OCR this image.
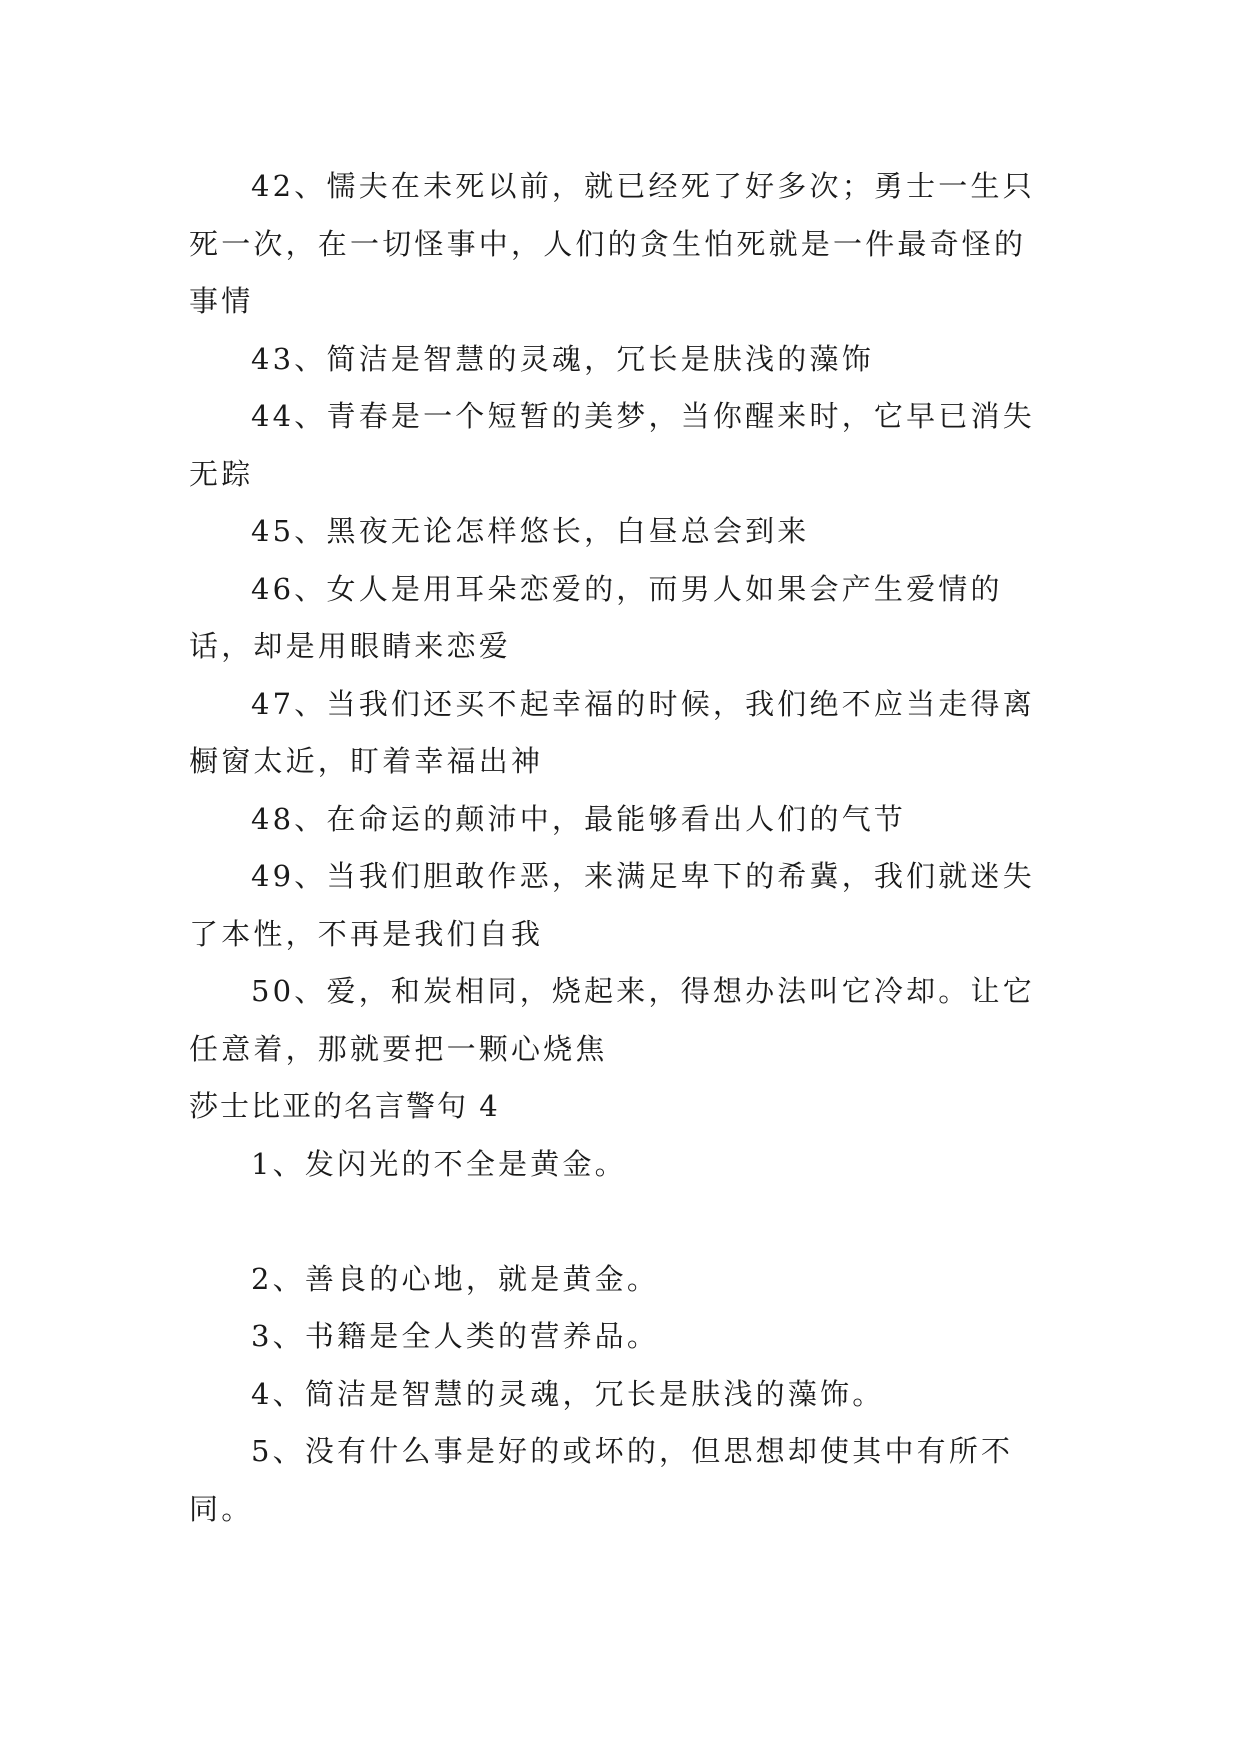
42、懦夫在未死以前，就已经死了好多次；勇士一生只死一次，在一切怪事中，人们的贪生怕死就是一件最奇怪的事情

43、简洁是智慧的灵魂，冗长是肤浅的藻饰

44、青春是一个短暂的美梦，当你醒来时，它早已消失无踪

45、黑夜无论怎样悠长，白昼总会到来

46、女人是用耳朵恋爱的，而男人如果会产生爱情的话，却是用眼睛来恋爱

47、当我们还买不起幸福的时候，我们绝不应当走得离橱窗太近，盯着幸福出神

48、在命运的颠沛中，最能够看出人们的气节

49、当我们胆敢作恶，来满足卑下的希冀，我们就迷失了本性，不再是我们自我

50、爱，和炭相同，烧起来，得想办法叫它冷却。让它任意着，那就要把一颗心烧焦

莎士比亚的名言警句 4

1、发闪光的不全是黄金。

2、善良的心地，就是黄金。

3、书籍是全人类的营养品。

4、简洁是智慧的灵魂，冗长是肤浅的藻饰。

5、没有什么事是好的或坏的，但思想却使其中有所不同。
